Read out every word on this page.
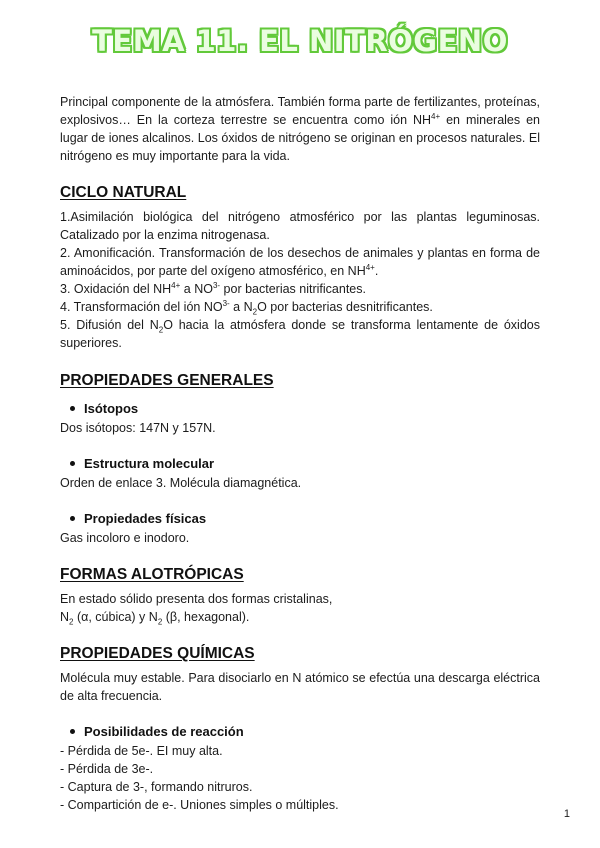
TEMA 11. EL NITRÓGENO

Principal componente de la atmósfera. También forma parte de fertilizantes, proteínas, explosivos… En la corteza terrestre se encuentra como ión $NH^{4+}$ en minerales en lugar de iones alcalinos. Los óxidos de nitrógeno se originan en procesos naturales. El nitrógeno es muy importante para la vida.

CICLO NATURAL
1.Asimilación biológica del nitrógeno atmosférico por las plantas leguminosas. Catalizado por la enzima nitrogenasa.
2. Amonificación. Transformación de los desechos de animales y plantas en forma de aminoácidos, por parte del oxígeno atmosférico, en $NH^{4+}$.
3. Oxidación del $NH^{4+}$ a $NO^{3-}$ por bacterias nitrificantes.
4. Transformación del ión $NO^{3-}$ a $N_2O$ por bacterias desnitrificantes.
5. Difusión del $N_2O$ hacia la atmósfera donde se transforma lentamente de óxidos superiores.
PROPIEDADES GENERALES

Isótopos

Dos isótopos: 147N y 157N.

Estructura molecular

Orden de enlace 3. Molécula diamagnética.

Propiedades físicas

Gas incoloro e inodoro.

FORMAS ALOTRÓPICAS
En estado sólido presenta dos formas cristalinas,
$N_2$ (α, cúbica) y $N_2$ (β, hexagonal).
PROPIEDADES QUÍMICAS

Molécula muy estable. Para disociarlo en N atómico se efectúa una descarga eléctrica de alta frecuencia.

Posibilidades de reacción

- Pérdida de 5e-. EI muy alta.
- Pérdida de 3e-.
- Captura de 3-, formando nitruros.
- Compartición de e-. Uniones simples o múltiples.

1
